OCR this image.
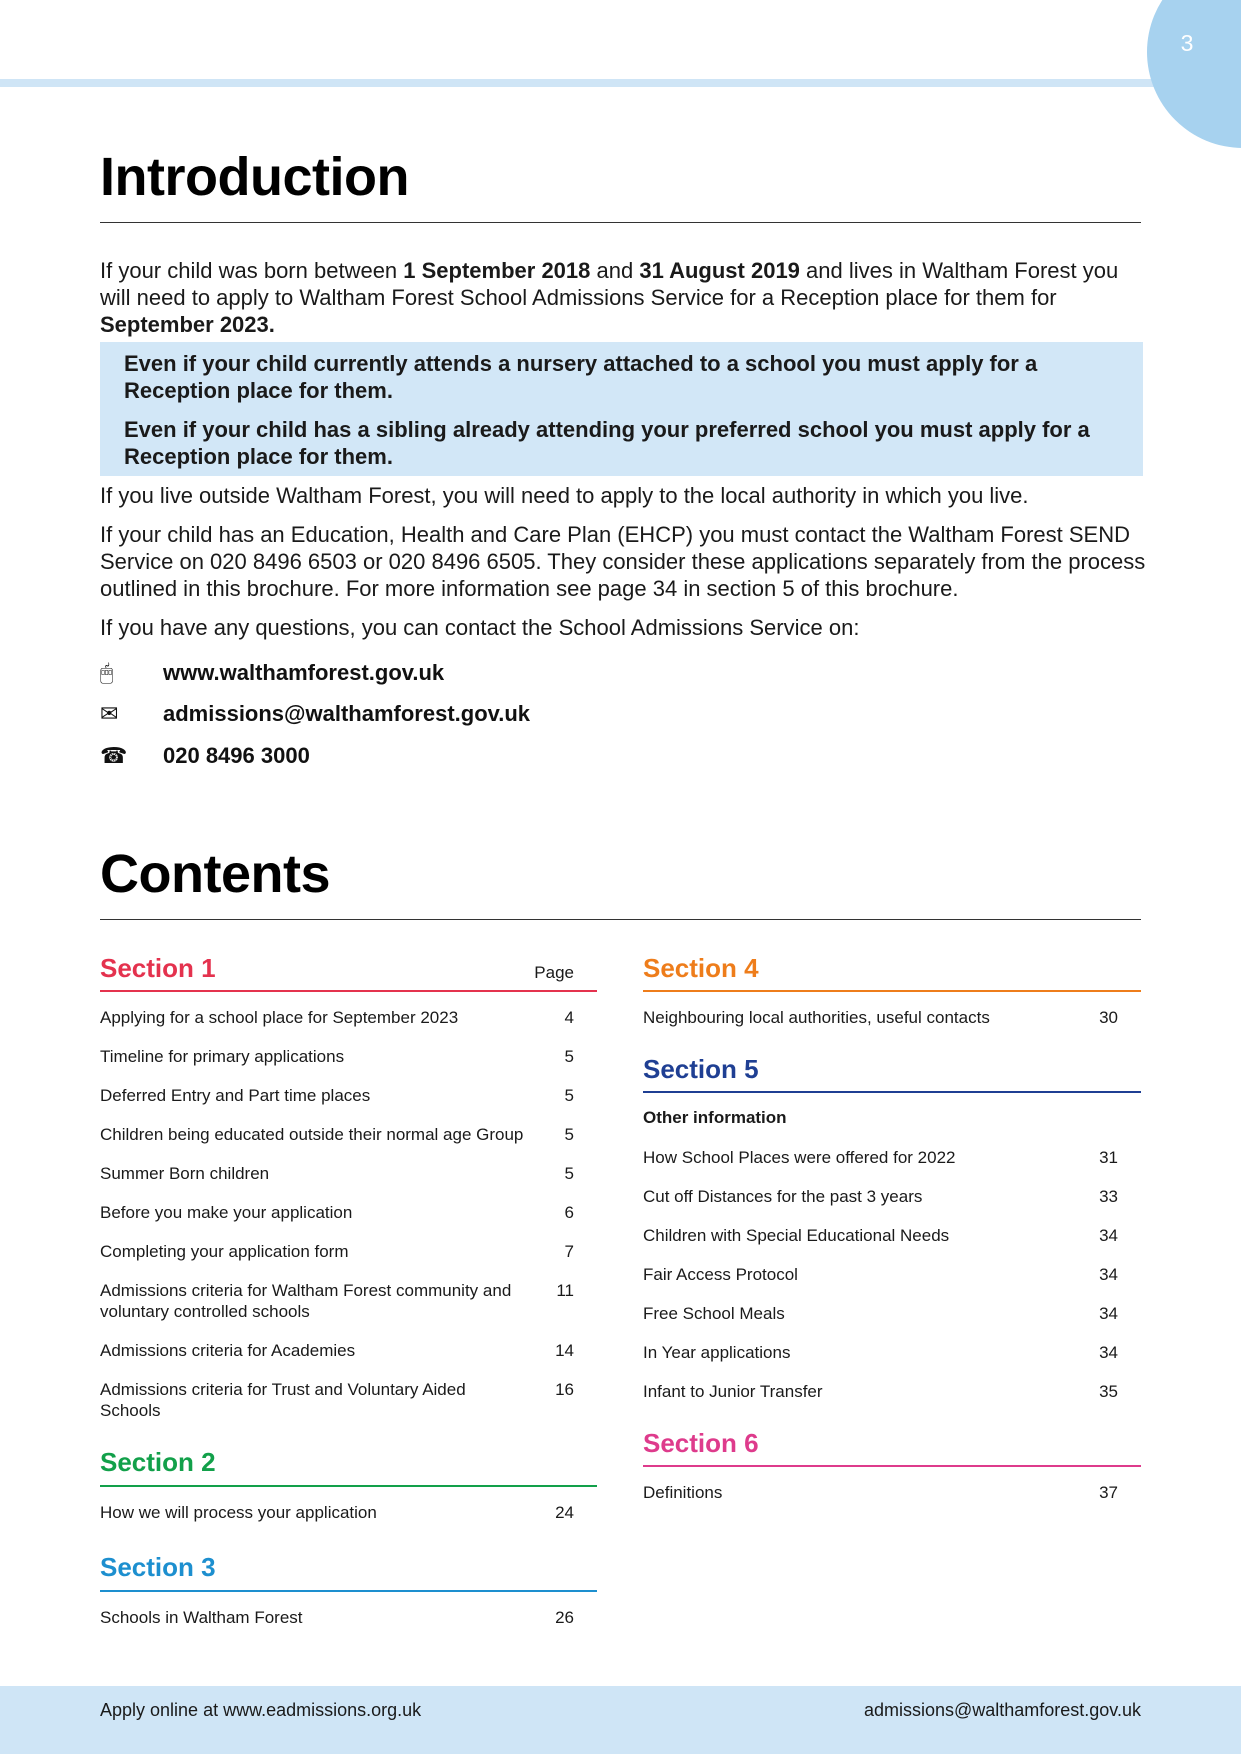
3
Introduction

If your child was born between 1 September 2018 and 31 August 2019 and lives in Waltham Forest you will need to apply to Waltham Forest School Admissions Service for a Reception place for them for September 2023.

Even if your child currently attends a nursery attached to a school you must apply for a Reception place for them.

Even if your child has a sibling already attending your preferred school you must apply for a Reception place for them.

If you live outside Waltham Forest, you will need to apply to the local authority in which you live.

If your child has an Education, Health and Care Plan (EHCP) you must contact the Waltham Forest SEND Service on 020 8496 6503 or 020 8496 6505. They consider these applications separately from the process outlined in this brochure. For more information see page 34 in section 5 of this brochure.

If you have any questions, you can contact the School Admissions Service on:

🖱	www.walthamforest.gov.uk
✉	admissions@walthamforest.gov.uk
☎ 020 8496 3000
Contents
Section 1	Page
Applying for a school place for September 2023	4
Timeline for primary applications	5
Deferred Entry and Part time places	5
Children being educated outside their normal age Group	5
Summer Born children	5
Before you make your application	6
Completing your application form	7
Admissions criteria for Waltham Forest community and voluntary controlled schools
11
Admissions criteria for Academies	14
Admissions criteria for Trust and Voluntary Aided Schools
16
Section 2
How we will process your application	24
Section 3
Schools in Waltham Forest	26
Section 4
Neighbouring local authorities, useful contacts	30
Section 5
Other information
How School Places were offered for 2022	31
Cut off Distances for the past 3 years	33
Children with Special Educational Needs	34
Fair Access Protocol	34
Free School Meals	34
In Year applications	34
Infant to Junior Transfer	35
Section 6
Definitions	37
Apply online at www.eadmissions.org.uk	admissions@walthamforest.gov.uk
